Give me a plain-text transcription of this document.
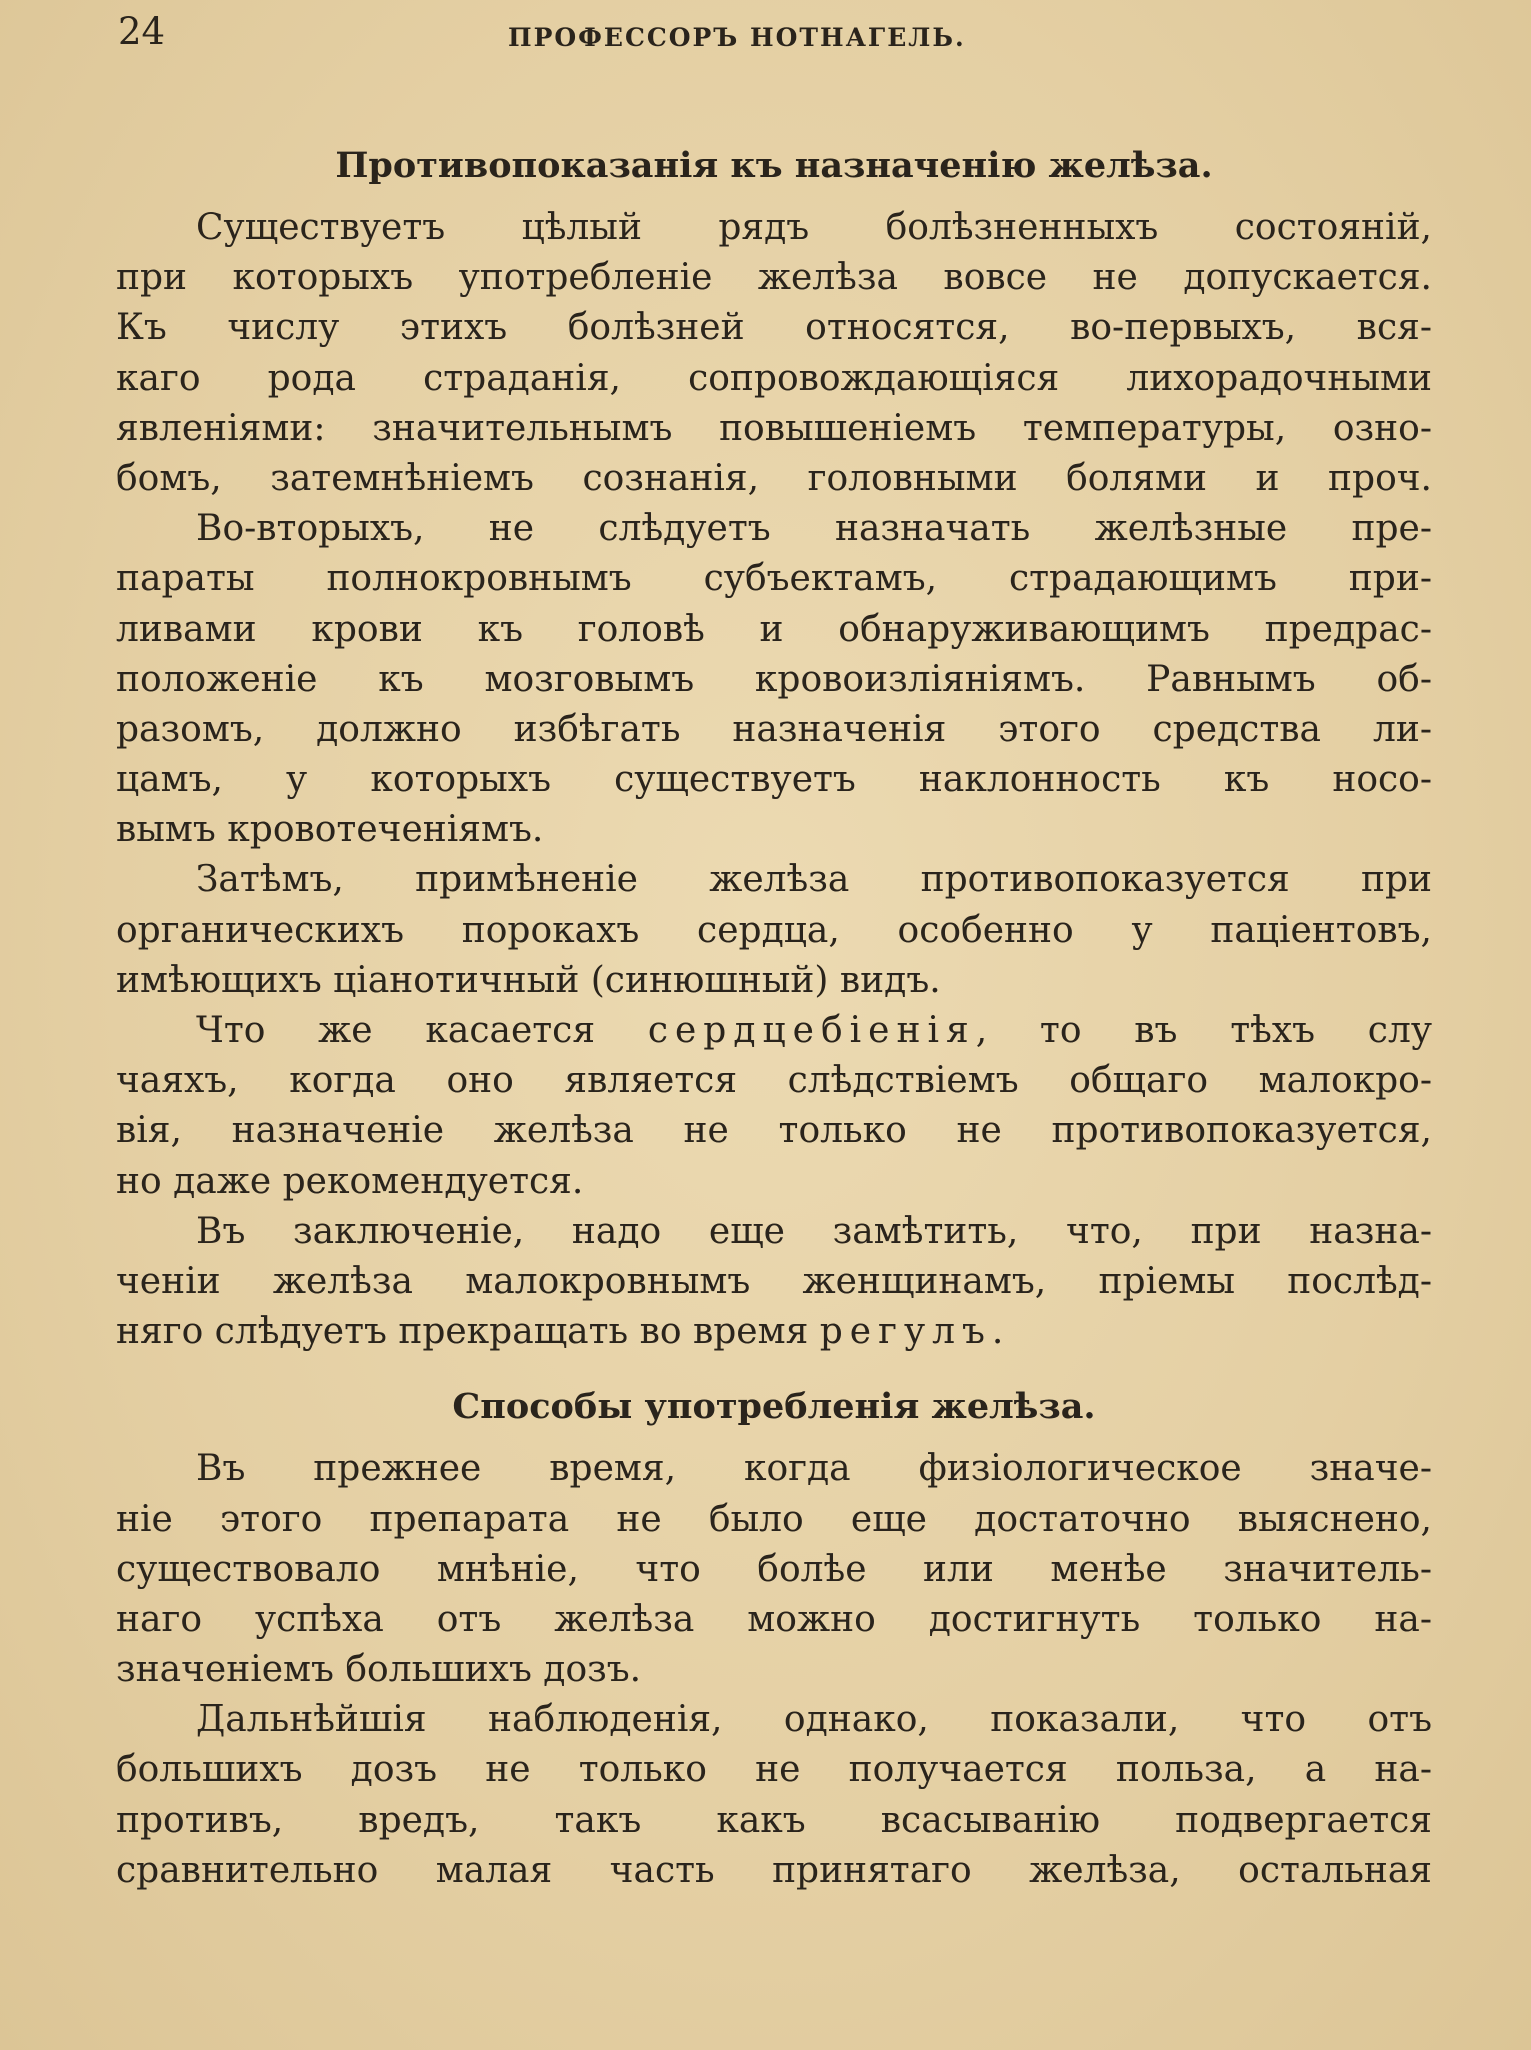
24	ПРОФЕССОРЪ НОТНАГЕЛЬ.
Противопоказанія къ назначенію желѣза.
Существуетъ цѣлый рядъ болѣзненныхъ состояній,
при которыхъ употребленіе желѣза вовсе не допускается.
Къ числу этихъ болѣзней относятся, во-первыхъ, вся-
каго рода страданія, сопровождающіяся лихорадочными
явленіями: значительнымъ повышеніемъ температуры, озно-
бомъ, затемнѣніемъ сознанія, головными болями и проч.
Во-вторыхъ, не слѣдуетъ назначать желѣзные пре-
параты полнокровнымъ субъектамъ, страдающимъ при-
ливами крови къ головѣ и обнаруживающимъ предрас-
положеніе къ мозговымъ кровоизліяніямъ. Равнымъ об-
разомъ, должно избѣгать назначенія этого средства ли-
цамъ, у которыхъ существуетъ наклонность къ носо-
вымъ кровотеченіямъ.
Затѣмъ, примѣненіе желѣза противопоказуется при
органическихъ порокахъ сердца, особенно у паціентовъ,
имѣющихъ ціанотичный (синюшный) видъ.
Что же касается сердцебіенія, то въ тѣхъ слу
чаяхъ, когда оно является слѣдствіемъ общаго малокро-
вія, назначеніе желѣза не только не противопоказуется,
но даже рекомендуется.
Въ заключеніе, надо еще замѣтить, что, при назна-
ченіи желѣза малокровнымъ женщинамъ, пріемы послѣд-
няго слѣдуетъ прекращать во время регулъ.
Способы употребленія желѣза.
Въ прежнее время, когда физіологическое значе-
ніе этого препарата не было еще достаточно выяснено,
существовало мнѣніе, что болѣе или менѣе значитель-
наго успѣха отъ желѣза можно достигнуть только на-
значеніемъ большихъ дозъ.
Дальнѣйшія наблюденія, однако, показали, что отъ
большихъ дозъ не только не получается польза, а на-
противъ, вредъ, такъ какъ всасыванію подвергается
сравнительно малая часть принятаго желѣза, остальная
